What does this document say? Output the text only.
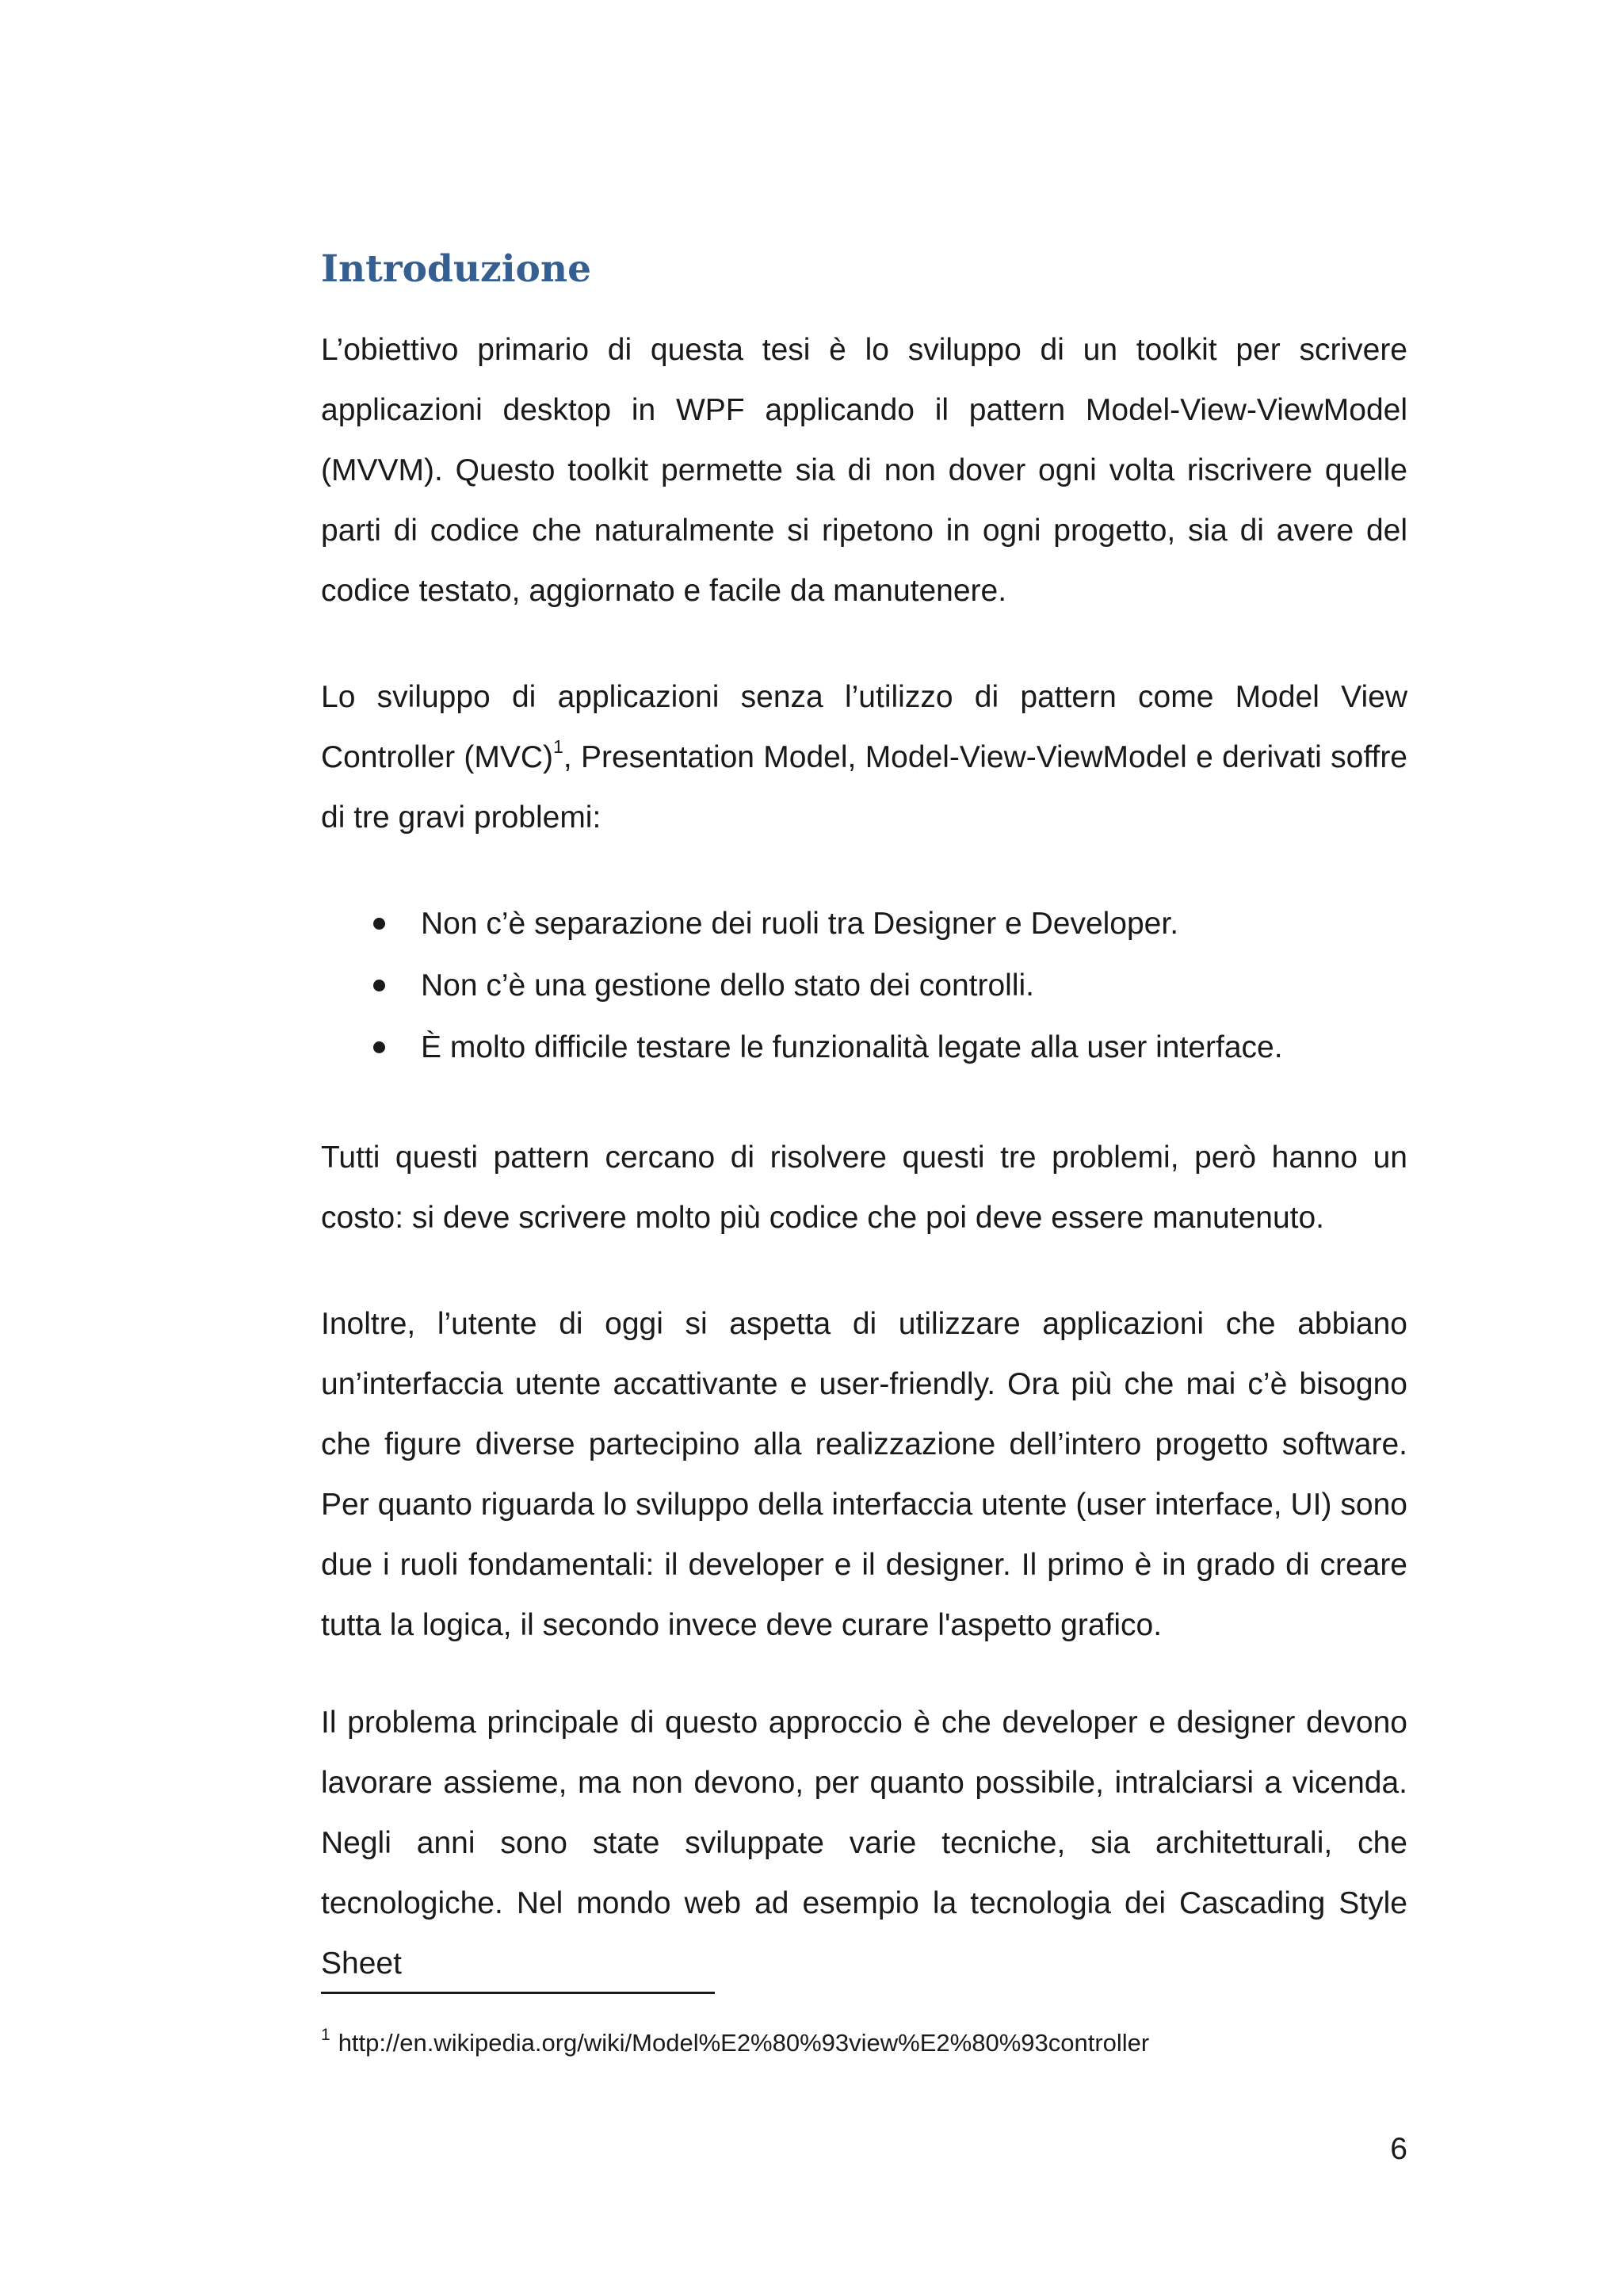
Introduzione

L’obiettivo primario di questa tesi è lo sviluppo di un toolkit per scrivere applicazioni desktop in WPF applicando il pattern Model-View-ViewModel (MVVM). Questo toolkit permette sia di non dover ogni volta riscrivere quelle parti di codice che naturalmente si ripetono in ogni progetto, sia di avere del codice testato, aggiornato e facile da manutenere.

Lo sviluppo di applicazioni senza l’utilizzo di pattern come Model View Controller (MVC)$^1$, Presentation Model, Model-View-ViewModel e derivati soffre di tre gravi problemi:

Non c’è separazione dei ruoli tra Designer e Developer.
Non c’è una gestione dello stato dei controlli.
È molto difficile testare le funzionalità legate alla user interface.

Tutti questi pattern cercano di risolvere questi tre problemi, però hanno un costo: si deve scrivere molto più codice che poi deve essere manutenuto.

Inoltre, l’utente di oggi si aspetta di utilizzare applicazioni che abbiano un’interfaccia utente accattivante e user-friendly. Ora più che mai c’è bisogno che figure diverse partecipino alla realizzazione dell’intero progetto software. Per quanto riguarda lo sviluppo della interfaccia utente (user interface, UI) sono due i ruoli fondamentali: il developer e il designer. Il primo è in grado di creare tutta la logica, il secondo invece deve curare l'aspetto grafico.

Il problema principale di questo approccio è che developer e designer devono lavorare assieme, ma non devono, per quanto possibile, intralciarsi a vicenda. Negli anni sono state sviluppate varie tecniche, sia architetturali, che tecnologiche. Nel mondo web ad esempio la tecnologia dei Cascading Style Sheet

$^1$ http://en.wikipedia.org/wiki/Model%E2%80%93view%E2%80%93controller

6
